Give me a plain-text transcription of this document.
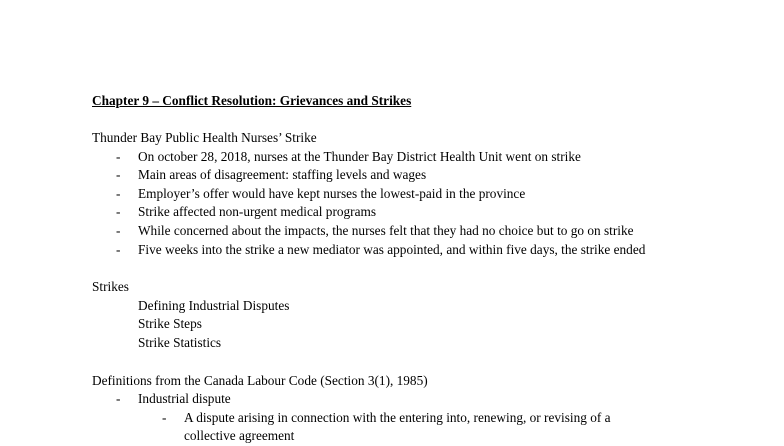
Chapter 9 – Conflict Resolution: Grievances and Strikes
Thunder Bay Public Health Nurses’ Strike
- On october 28, 2018, nurses at the Thunder Bay District Health Unit went on strike
- Main areas of disagreement: staffing levels and wages
- Employer’s offer would have kept nurses the lowest-paid in the province
- Strike affected non-urgent medical programs
- While concerned about the impacts, the nurses felt that they had no choice but to go on strike
- Five weeks into the strike a new mediator was appointed, and within five days, the strike ended
Strikes
Defining Industrial Disputes
Strike Steps
Strike Statistics
Definitions from the Canada Labour Code (Section 3(1), 1985)
- Industrial dispute
- A dispute arising in connection with the entering into, renewing, or revising of a
collective agreement
